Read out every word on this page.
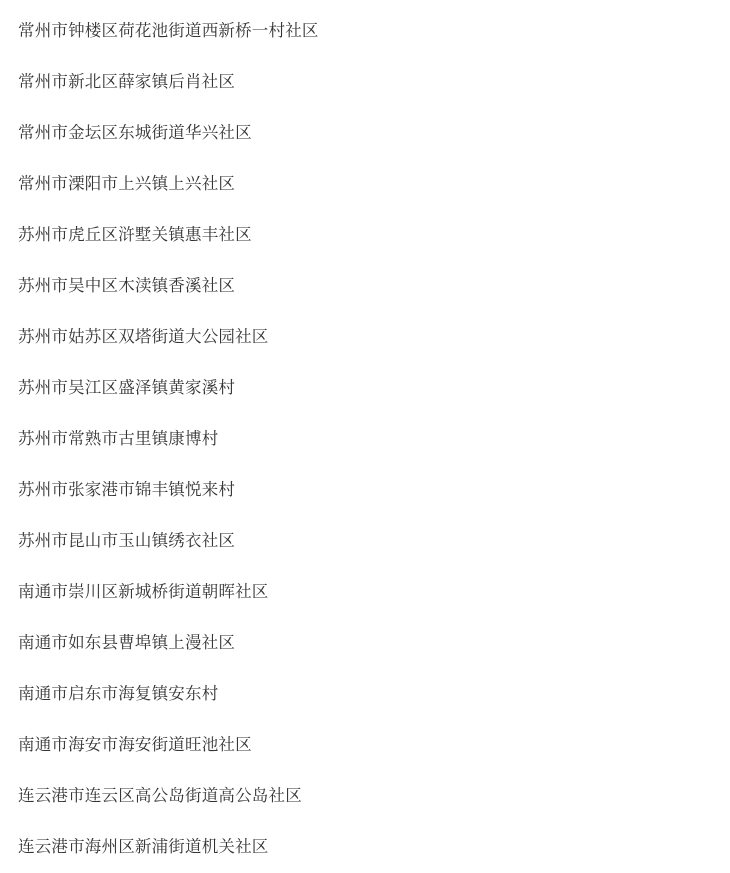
常州市钟楼区荷花池街道西新桥一村社区
常州市新北区薛家镇后肖社区
常州市金坛区东城街道华兴社区
常州市溧阳市上兴镇上兴社区
苏州市虎丘区浒墅关镇惠丰社区
苏州市吴中区木渎镇香溪社区
苏州市姑苏区双塔街道大公园社区
苏州市吴江区盛泽镇黄家溪村
苏州市常熟市古里镇康博村
苏州市张家港市锦丰镇悦来村
苏州市昆山市玉山镇绣衣社区
南通市崇川区新城桥街道朝晖社区
南通市如东县曹埠镇上漫社区
南通市启东市海复镇安东村
南通市海安市海安街道旺池社区
连云港市连云区高公岛街道高公岛社区
连云港市海州区新浦街道机关社区
